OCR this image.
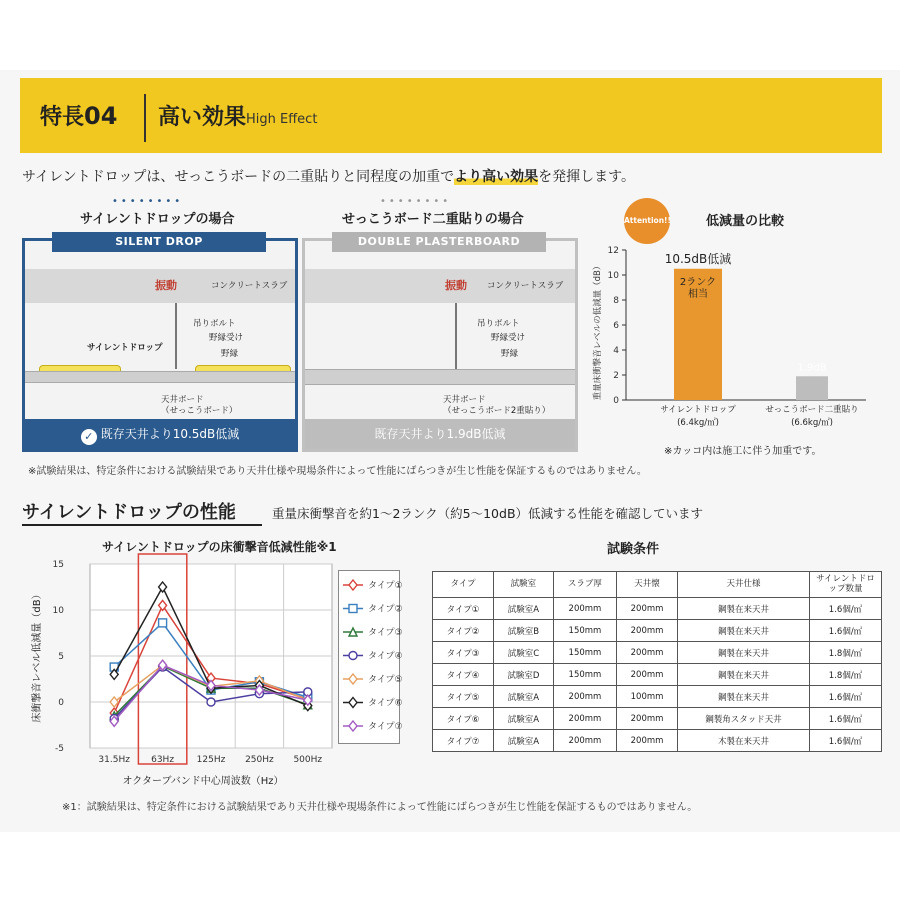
特長04 高い効果 High Effect
サイレントドロップは、せっこうボードの二重貼りと同程度の加重でより高い効果を発揮します。
••••••••
サイレントドロップの場合
振動	コンクリートスラブ
吊りボルト
野縁受け
野縁
サイレントドロップ
天井ボード
（せっこうボード）
✓ 既存天井より10.5dB低減
SILENT DROP
••••••••
せっこうボード二重貼りの場合
振動 コンクリートスラブ
吊りボルト
野縁受け
野縁
天井ボード
（せっこうボード2重貼り）
既存天井より1.9dB低減
DOUBLE PLASTERBOARD
Attention!!	低減量の比較
0
2
4
6
8
10
12
重量床衝撃音レベルの低減量（dB）
10.5dB低減
サイレントドロップ
(6.4kg/㎡)
1.9dB
せっこうボード二重貼り
(6.6kg/㎡)
2ランク
相当
※カッコ内は施工に伴う加重です。
※試験結果は、特定条件における試験結果であり天井仕様や現場条件によって性能にばらつきが生じ性能を保証するものではありません。
サイレントドロップの性能	重量床衝撃音を約1〜2ランク（約5〜10dB）低減する性能を確認しています
サイレントドロップの床衝撃音低減性能※1	試験条件
-5
0
5
10
15
31.5Hz 63Hz	125Hz 250Hz 500Hz
オクターブバンド中心周波数（Hz）
床衝撃音レベル低減量（dB）
タイプ①
タイプ②
タイプ③
タイプ④
タイプ⑤
タイプ⑥
タイプ⑦
タイプ	試験室	スラブ厚	天井懐	天井仕様	サイレントドロップ数量
タイプ①	試験室A	200mm	200mm	鋼製在来天井	1.6個/㎡
タイプ②	試験室B	150mm	200mm	鋼製在来天井	1.6個/㎡
タイプ③	試験室C	150mm	200mm	鋼製在来天井	1.8個/㎡
タイプ④	試験室D	150mm	200mm	鋼製在来天井	1.8個/㎡
タイプ⑤	試験室A	200mm	100mm	鋼製在来天井	1.6個/㎡
タイプ⑥	試験室A	200mm	200mm	鋼製角スタッド天井	1.6個/㎡
タイプ⑦	試験室A	200mm	200mm	木製在来天井	1.6個/㎡
※1：試験結果は、特定条件における試験結果であり天井仕様や現場条件によって性能にばらつきが生じ性能を保証するものではありません。
